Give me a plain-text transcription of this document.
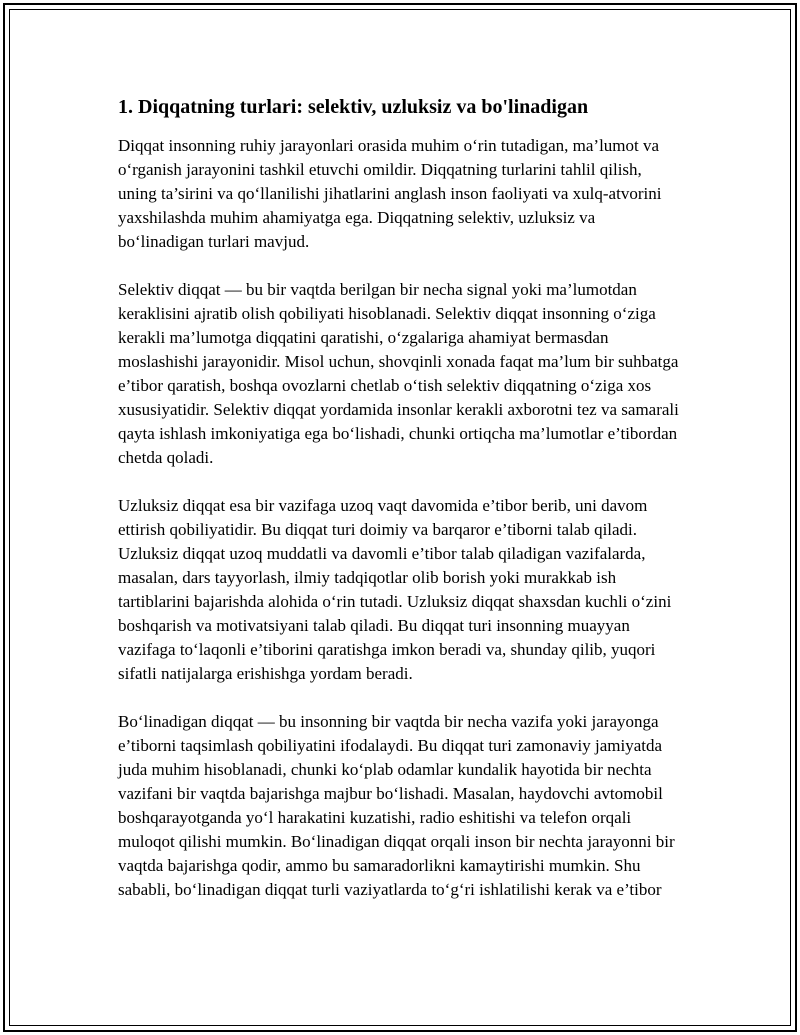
1. Diqqatning turlari: selektiv, uzluksiz va bo'linadigan

Diqqat insonning ruhiy jarayonlari orasida muhim o‘rin tutadigan, ma’lumot va o‘rganish jarayonini tashkil etuvchi omildir. Diqqatning turlarini tahlil qilish, uning ta’sirini va qo‘llanilishi jihatlarini anglash inson faoliyati va xulq-atvorini yaxshilashda muhim ahamiyatga ega. Diqqatning selektiv, uzluksiz va bo‘linadigan turlari mavjud.

Selektiv diqqat — bu bir vaqtda berilgan bir necha signal yoki ma’lumotdan keraklisini ajratib olish qobiliyati hisoblanadi. Selektiv diqqat insonning o‘ziga kerakli ma’lumotga diqqatini qaratishi, o‘zgalariga ahamiyat bermasdan moslashishi jarayonidir. Misol uchun, shovqinli xonada faqat ma’lum bir suhbatga e’tibor qaratish, boshqa ovozlarni chetlab o‘tish selektiv diqqatning o‘ziga xos xususiyatidir. Selektiv diqqat yordamida insonlar kerakli axborotni tez va samarali qayta ishlash imkoniyatiga ega bo‘lishadi, chunki ortiqcha ma’lumotlar e’tibordan chetda qoladi.

Uzluksiz diqqat esa bir vazifaga uzoq vaqt davomida e’tibor berib, uni davom ettirish qobiliyatidir. Bu diqqat turi doimiy va barqaror e’tiborni talab qiladi. Uzluksiz diqqat uzoq muddatli va davomli e’tibor talab qiladigan vazifalarda, masalan, dars tayyorlash, ilmiy tadqiqotlar olib borish yoki murakkab ish tartiblarini bajarishda alohida o‘rin tutadi. Uzluksiz diqqat shaxsdan kuchli o‘zini boshqarish va motivatsiyani talab qiladi. Bu diqqat turi insonning muayyan vazifaga to‘laqonli e’tiborini qaratishga imkon beradi va, shunday qilib, yuqori sifatli natijalarga erishishga yordam beradi.

Bo‘linadigan diqqat — bu insonning bir vaqtda bir necha vazifa yoki jarayonga e’tiborni taqsimlash qobiliyatini ifodalaydi. Bu diqqat turi zamonaviy jamiyatda juda muhim hisoblanadi, chunki ko‘plab odamlar kundalik hayotida bir nechta vazifani bir vaqtda bajarishga majbur bo‘lishadi. Masalan, haydovchi avtomobil boshqarayotganda yo‘l harakatini kuzatishi, radio eshitishi va telefon orqali muloqot qilishi mumkin. Bo‘linadigan diqqat orqali inson bir nechta jarayonni bir vaqtda bajarishga qodir, ammo bu samaradorlikni kamaytirishi mumkin. Shu sababli, bo‘linadigan diqqat turli vaziyatlarda to‘g‘ri ishlatilishi kerak va e’tibor
